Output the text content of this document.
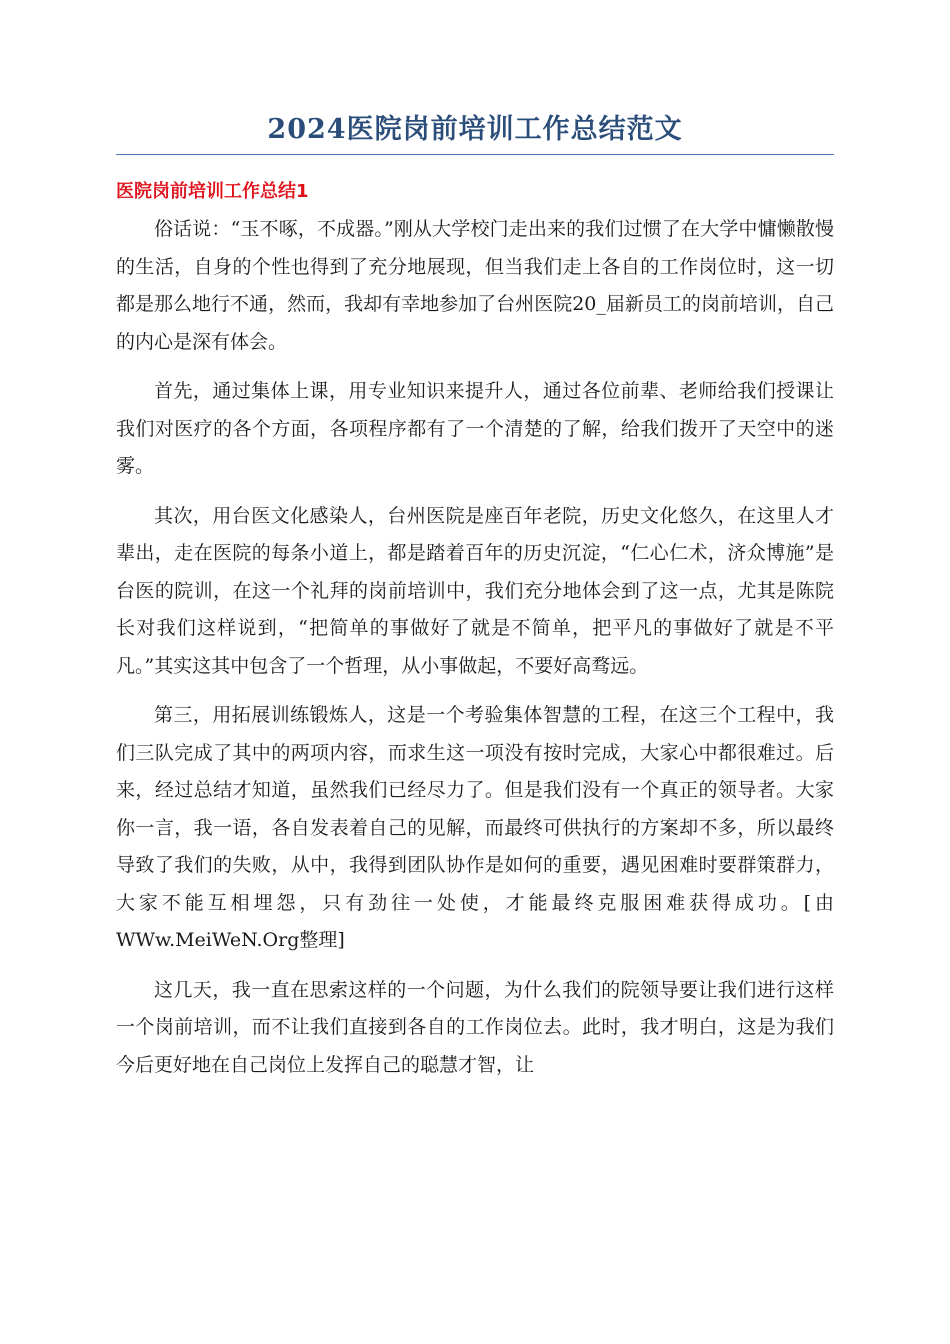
2024医院岗前培训工作总结范文
医院岗前培训工作总结1

俗话说：“玉不啄，不成器。”刚从大学校门走出来的我们过惯了在大学中慵懒散慢的生活，自身的个性也得到了充分地展现，但当我们走上各自的工作岗位时，这一切都是那么地行不通，然而，我却有幸地参加了台州医院20_届新员工的岗前培训，自己的内心是深有体会。

首先，通过集体上课，用专业知识来提升人，通过各位前辈、老师给我们授课让我们对医疗的各个方面，各项程序都有了一个清楚的了解，给我们拨开了天空中的迷雾。

其次，用台医文化感染人，台州医院是座百年老院，历史文化悠久，在这里人才辈出，走在医院的每条小道上，都是踏着百年的历史沉淀，“仁心仁术，济众博施”是台医的院训，在这一个礼拜的岗前培训中，我们充分地体会到了这一点，尤其是陈院长对我们这样说到，“把简单的事做好了就是不简单，把平凡的事做好了就是不平凡。”其实这其中包含了一个哲理，从小事做起，不要好高骛远。

第三，用拓展训练锻炼人，这是一个考验集体智慧的工程，在这三个工程中，我们三队完成了其中的两项内容，而求生这一项没有按时完成，大家心中都很难过。后来，经过总结才知道，虽然我们已经尽力了。但是我们没有一个真正的领导者。大家你一言，我一语，各自发表着自己的见解，而最终可供执行的方案却不多，所以最终导致了我们的失败，从中，我得到团队协作是如何的重要，遇见困难时要群策群力，大家不能互相埋怨，只有劲往一处使，才能最终克服困难获得成功。[由WWw.MeiWeN.Org整理]

这几天，我一直在思索这样的一个问题，为什么我们的院领导要让我们进行这样一个岗前培训，而不让我们直接到各自的工作岗位去。此时，我才明白，这是为我们今后更好地在自己岗位上发挥自己的聪慧才智，让
